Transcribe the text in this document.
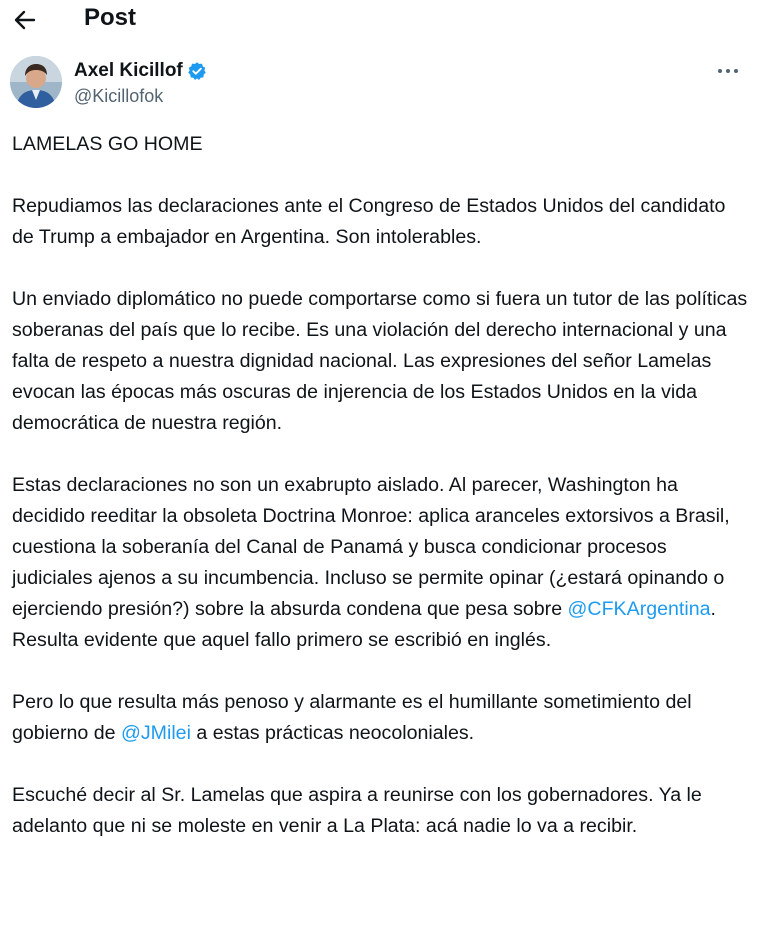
Post
Axel Kicillof
@Kicillofok

LAMELAS GO HOME

Repudiamos las declaraciones ante el Congreso de Estados Unidos del candidato de Trump a embajador en Argentina. Son intolerables.

Un enviado diplomático no puede comportarse como si fuera un tutor de las políticas soberanas del país que lo recibe. Es una violación del derecho internacional y una falta de respeto a nuestra dignidad nacional. Las expresiones del señor Lamelas evocan las épocas más oscuras de injerencia de los Estados Unidos en la vida democrática de nuestra región.

Estas declaraciones no son un exabrupto aislado. Al parecer, Washington ha decidido reeditar la obsoleta Doctrina Monroe: aplica aranceles extorsivos a Brasil, cuestiona la soberanía del Canal de Panamá y busca condicionar procesos judiciales ajenos a su incumbencia. Incluso se permite opinar (¿estará opinando o ejerciendo presión?) sobre la absurda condena que pesa sobre @CFKArgentina. Resulta evidente que aquel fallo primero se escribió en inglés.

Pero lo que resulta más penoso y alarmante es el humillante sometimiento del gobierno de @JMilei a estas prácticas neocoloniales.

Escuché decir al Sr. Lamelas que aspira a reunirse con los gobernadores. Ya le adelanto que ni se moleste en venir a La Plata: acá nadie lo va a recibir.
